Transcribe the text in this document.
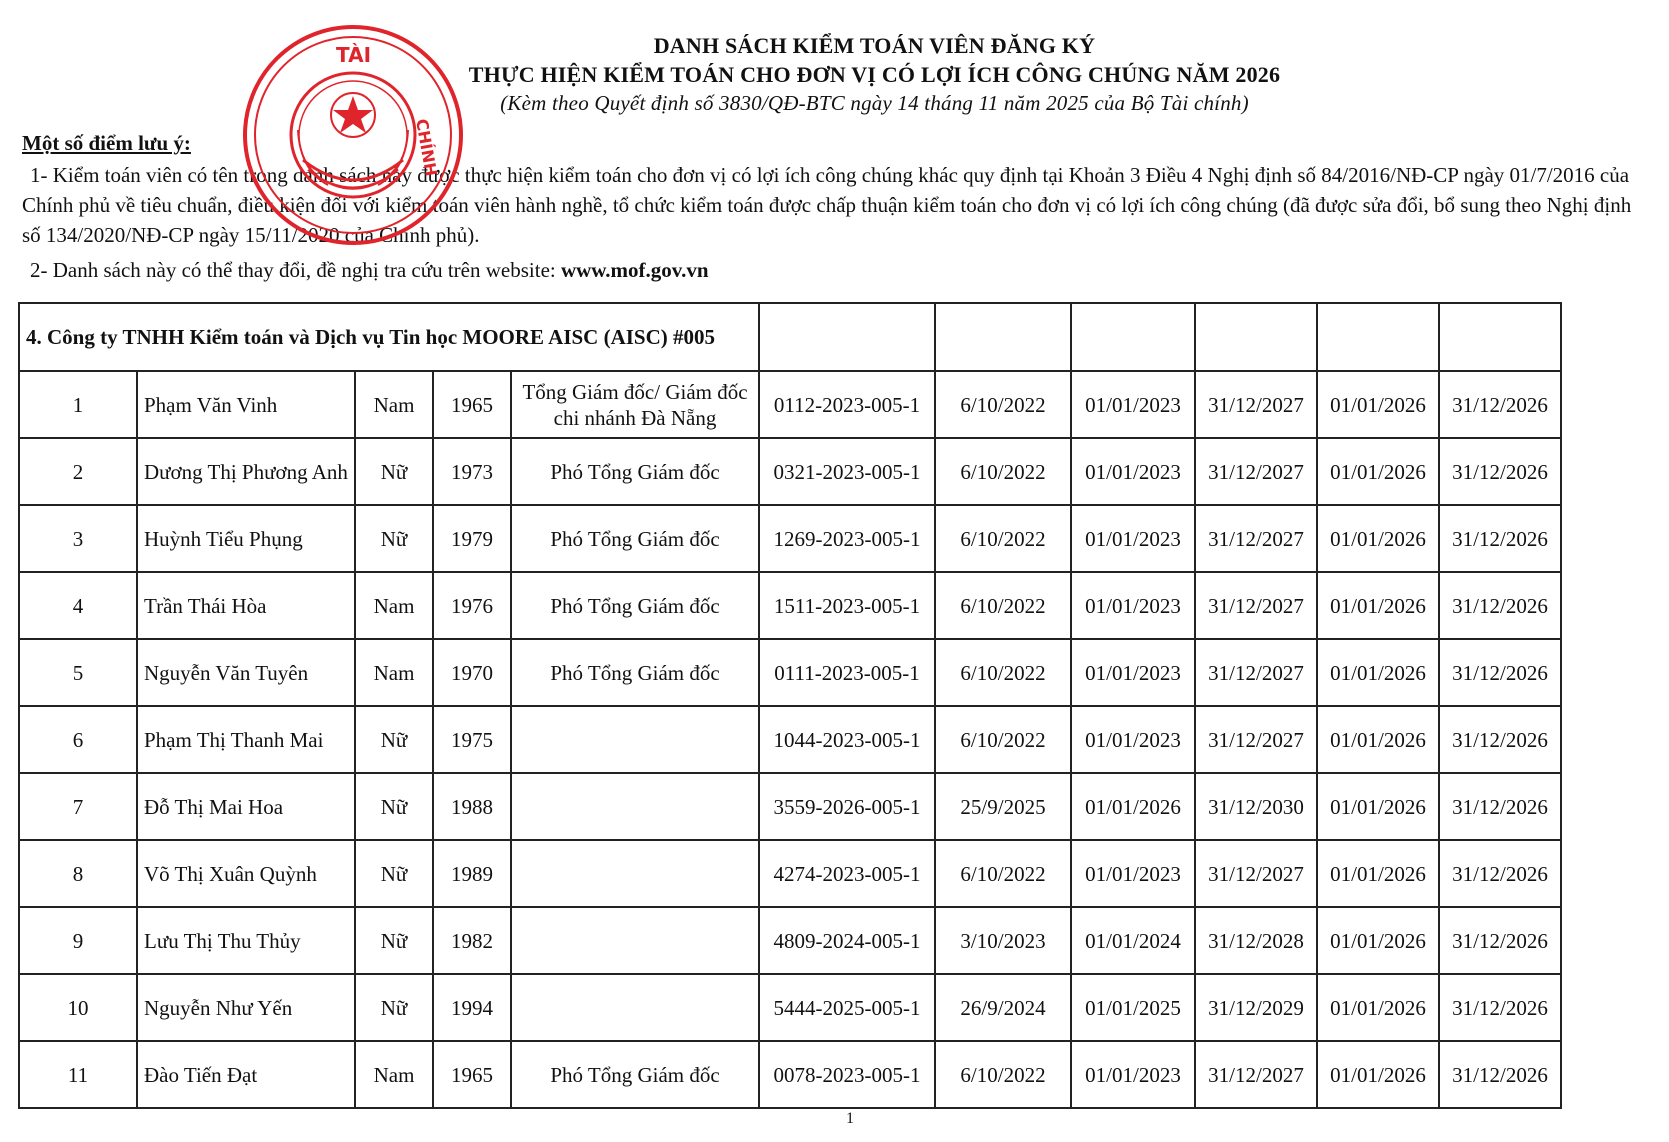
DANH SÁCH KIỂM TOÁN VIÊN ĐĂNG KÝ
THỰC HIỆN KIỂM TOÁN CHO ĐƠN VỊ CÓ LỢI ÍCH CÔNG CHÚNG NĂM 2026
(Kèm theo Quyết định số 3830/QĐ-BTC ngày 14 tháng 11 năm 2025 của Bộ Tài chính)
Một số điểm lưu ý:
1- Kiểm toán viên có tên trong danh sách này được thực hiện kiểm toán cho đơn vị có lợi ích công chúng khác quy định tại Khoản 3 Điều 4 Nghị định số 84/2016/NĐ-CP ngày 01/7/2016 của Chính phủ về tiêu chuẩn, điều kiện đối với kiểm toán viên hành nghề, tổ chức kiểm toán được chấp thuận kiểm toán cho đơn vị có lợi ích công chúng (đã được sửa đổi, bổ sung theo Nghị định số 134/2020/NĐ-CP ngày 15/11/2020 của Chính phủ).
2- Danh sách này có thể thay đổi, đề nghị tra cứu trên website: www.mof.gov.vn
TÀI
CHÍNH
4. Công ty TNHH Kiểm toán và Dịch vụ Tin học MOORE AISC (AISC) #005										
1	Phạm Văn Vinh	Nam	1965	Tổng Giám đốc/ Giám đốc chi nhánh Đà Nẵng	0112-2023-005-1	6/10/2022	01/01/2023	31/12/2027	01/01/2026	31/12/2026
2	Dương Thị Phương Anh	Nữ	1973	Phó Tổng Giám đốc	0321-2023-005-1	6/10/2022	01/01/2023	31/12/2027	01/01/2026	31/12/2026
3	Huỳnh Tiểu Phụng	Nữ	1979	Phó Tổng Giám đốc	1269-2023-005-1	6/10/2022	01/01/2023	31/12/2027	01/01/2026	31/12/2026
4	Trần Thái Hòa	Nam	1976	Phó Tổng Giám đốc	1511-2023-005-1	6/10/2022	01/01/2023	31/12/2027	01/01/2026	31/12/2026
5	Nguyễn Văn Tuyên	Nam	1970	Phó Tổng Giám đốc	0111-2023-005-1	6/10/2022	01/01/2023	31/12/2027	01/01/2026	31/12/2026
6	Phạm Thị Thanh Mai	Nữ	1975		1044-2023-005-1	6/10/2022	01/01/2023	31/12/2027	01/01/2026	31/12/2026
7	Đỗ Thị Mai Hoa	Nữ	1988		3559-2026-005-1	25/9/2025	01/01/2026	31/12/2030	01/01/2026	31/12/2026
8	Võ Thị Xuân Quỳnh	Nữ	1989		4274-2023-005-1	6/10/2022	01/01/2023	31/12/2027	01/01/2026	31/12/2026
9	Lưu Thị Thu Thủy	Nữ	1982		4809-2024-005-1	3/10/2023	01/01/2024	31/12/2028	01/01/2026	31/12/2026
10	Nguyễn Như Yến	Nữ	1994		5444-2025-005-1	26/9/2024	01/01/2025	31/12/2029	01/01/2026	31/12/2026
11	Đào Tiến Đạt	Nam	1965	Phó Tổng Giám đốc	0078-2023-005-1	6/10/2022	01/01/2023	31/12/2027	01/01/2026	31/12/2026
1
